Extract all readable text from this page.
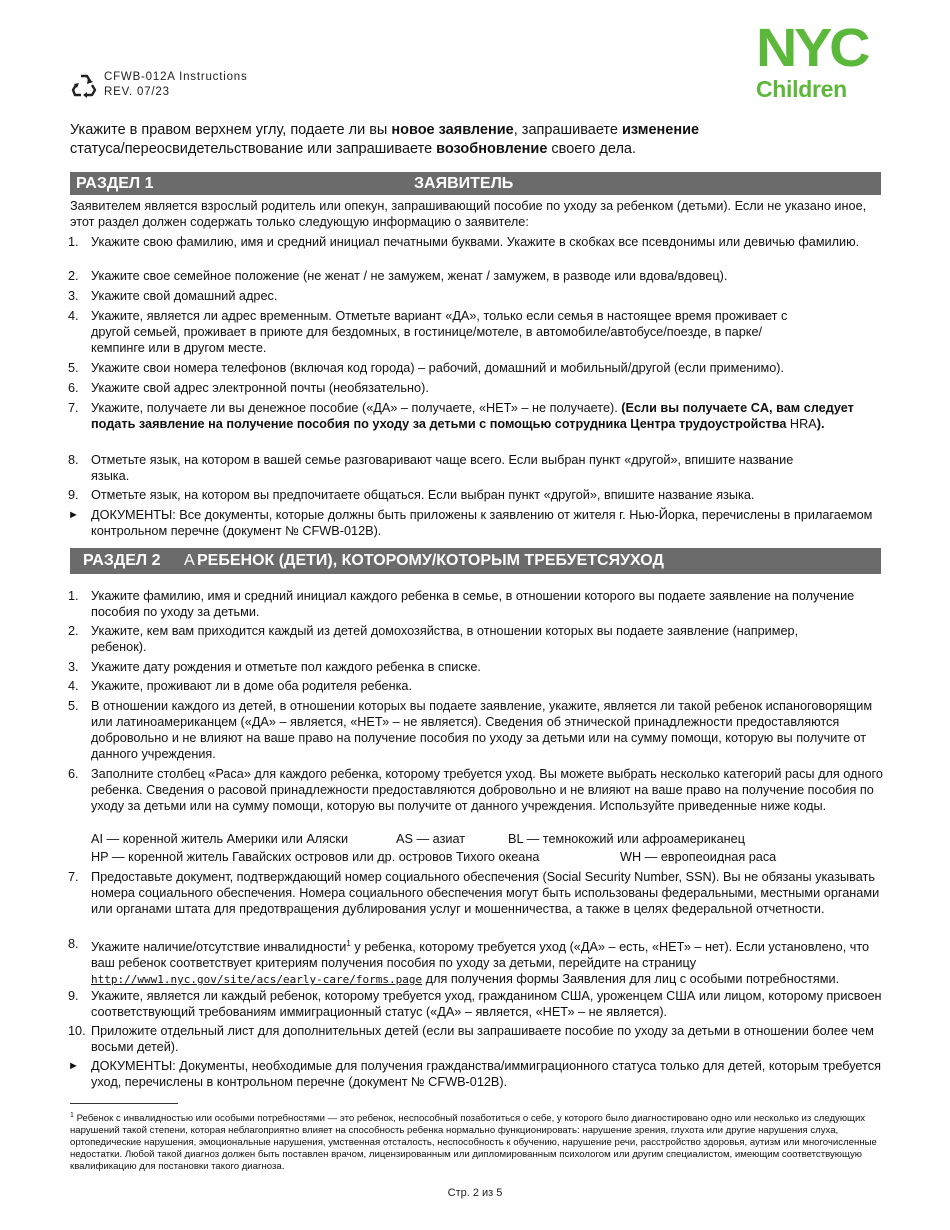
CFWB-012A Instructions
REV. 07/23
NYC
Children
Укажите в правом верхнем углу, подаете ли вы новое заявление, запрашиваете изменение
статуса/переосвидетельствование или запрашиваете возобновление своего дела.
РАЗДЕЛ 1	ЗАЯВИТЕЛЬ
Заявителем является взрослый родитель или опекун, запрашивающий пособие по уходу за ребенком (детьми). Если не указано иное, этот раздел должен содержать только следующую информацию о заявителе:
1. Укажите свою фамилию, имя и средний инициал печатными буквами. Укажите в скобках все псевдонимы или девичью фамилию.
2. Укажите свое семейное положение (не женат / не замужем, женат / замужем, в разводе или вдова/вдовец).
3. Укажите свой домашний адрес.
4. Укажите, является ли адрес временным. Отметьте вариант «ДА», только если семья в настоящее время проживает с другой семьей, проживает в приюте для бездомных, в гостинице/мотеле, в автомобиле/автобусе/поезде, в парке/кемпинге или в другом месте.
5. Укажите свои номера телефонов (включая код города) – рабочий, домашний и мобильный/другой (если применимо).
6. Укажите свой адрес электронной почты (необязательно).
7. Укажите, получаете ли вы денежное пособие («ДА» – получаете, «НЕТ» – не получаете). (Если вы получаете CA, вам следует подать заявление на получение пособия по уходу за детьми с помощью сотрудника Центра трудоустройства HRA).
8. Отметьте язык, на котором в вашей семье разговаривают чаще всего. Если выбран пункт «другой», впишите название языка.
9. Отметьте язык, на котором вы предпочитаете общаться. Если выбран пункт «другой», впишите название языка.
► ДОКУМЕНТЫ: Все документы, которые должны быть приложены к заявлению от жителя г. Нью-Йорка, перечислены в прилагаемом контрольном перечне (документ № CFWB-012B).
РАЗДЕЛ 2 А РЕБЕНОК (ДЕТИ), КОТОРОМУ/КОТОРЫМ ТРЕБУЕТСЯУХОД
1. Укажите фамилию, имя и средний инициал каждого ребенка в семье, в отношении которого вы подаете заявление на получение пособия по уходу за детьми.
2. Укажите, кем вам приходится каждый из детей домохозяйства, в отношении которых вы подаете заявление (например, ребенок).
3. Укажите дату рождения и отметьте пол каждого ребенка в списке.
4. Укажите, проживают ли в доме оба родителя ребенка.
5. В отношении каждого из детей, в отношении которых вы подаете заявление, укажите, является ли такой ребенок испаноговорящим или латиноамериканцем («ДА» – является, «НЕТ» – не является). Сведения об этнической принадлежности предоставляются добровольно и не влияют на ваше право на получение пособия по уходу за детьми или на сумму помощи, которую вы получите от данного учреждения.
6. Заполните столбец «Раса» для каждого ребенка, которому требуется уход. Вы можете выбрать несколько категорий расы для одного ребенка. Сведения о расовой принадлежности предоставляются добровольно и не влияют на ваше право на получение пособия по уходу за детьми или на сумму помощи, которую вы получите от данного учреждения. Используйте приведенные ниже коды.
AI — коренной житель Америки или Аляски	AS — азиат	BL — темнокожий или афроамериканец
HP — коренной житель Гавайских островов или др. островов Тихого океана	WH — европеоидная раса
7. Предоставьте документ, подтверждающий номер социального обеспечения (Social Security Number, SSN). Вы не обязаны указывать номера социального обеспечения. Номера социального обеспечения могут быть использованы федеральными, местными органами или органами штата для предотвращения дублирования услуг и мошенничества, а также в целях федеральной отчетности.
8. Укажите наличие/отсутствие инвалидности$^1$ у ребенка, которому требуется уход («ДА» – есть, «НЕТ» – нет). Если установлено, что ваш ребенок соответствует критериям получения пособия по уходу за детьми, перейдите на страницу http://www1.nyc.gov/site/acs/early-care/forms.page для получения формы Заявления для лиц с особыми потребностями.
9. Укажите, является ли каждый ребенок, которому требуется уход, гражданином США, уроженцем США или лицом, которому присвоен соответствующий требованиям иммиграционный статус («ДА» – является, «НЕТ» – не является).
10. Приложите отдельный лист для дополнительных детей (если вы запрашиваете пособие по уходу за детьми в отношении более чем восьми детей).
► ДОКУМЕНТЫ: Документы, необходимые для получения гражданства/иммиграционного статуса только для детей, которым требуется уход, перечислены в контрольном перечне (документ № CFWB-012B).
$^1$ Ребенок с инвалидностью или особыми потребностями — это ребенок, неспособный позаботиться о себе, у которого было диагностировано одно или несколько из следующих нарушений такой степени, которая неблагоприятно влияет на способность ребенка нормально функционировать: нарушение зрения, глухота или другие нарушения слуха, ортопедические нарушения, эмоциональные нарушения, умственная отсталость, неспособность к обучению, нарушение речи, расстройство здоровья, аутизм или многочисленные недостатки. Любой такой диагноз должен быть поставлен врачом, лицензированным или дипломированным психологом или другим специалистом, имеющим соответствующую квалификацию для постановки такого диагноза.
Стр. 2 из 5
